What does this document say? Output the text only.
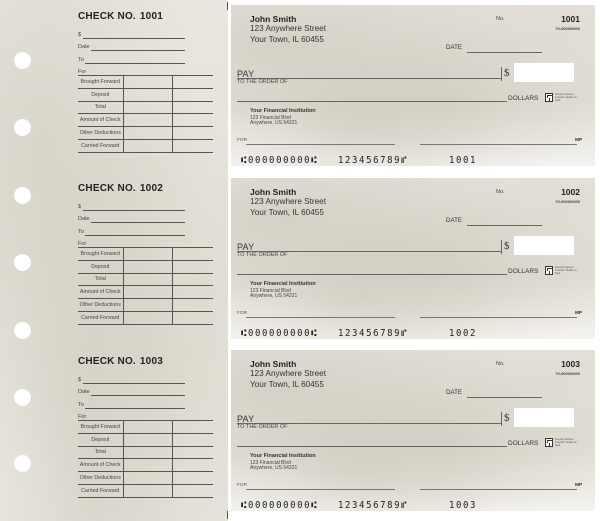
CHECK NO. 1001
$
Date
To
For
Brought Forward		
Deposit		
Total		
Amount of Check		
Other Deductions		
Carried Forward		
CHECK NO. 1002
$
Date
To
For
Brought Forward		
Deposit		
Total		
Amount of Check		
Other Deductions		
Carried Forward		
CHECK NO. 1003
$
Date
To
For
Brought Forward		
Deposit		
Total		
Amount of Check		
Other Deductions		
Carried Forward		
John Smith
123 Anywhere Street
Your Town, IL 60455
No.	1001
70-0000/0000
DATE
PAY
TO THE ORDER OF
$
DOLLARS
Security features included. Details on back.
Your Financial Institution
123 Financial Blvd
Anywhere, US 54321
FOR	MP
⑆000000000⑆ 123456789⑈	1001
John Smith
123 Anywhere Street
Your Town, IL 60455
No.	1002
70-0000/0000
DATE
PAY
TO THE ORDER OF
$
DOLLARS
Security features included. Details on back.
Your Financial Institution
123 Financial Blvd
Anywhere, US 54321
FOR	MP
⑆000000000⑆ 123456789⑈	1002
John Smith
123 Anywhere Street
Your Town, IL 60455
No.	1003
70-0000/0000
DATE
PAY
TO THE ORDER OF
$
DOLLARS
Security features included. Details on back.
Your Financial Institution
123 Financial Blvd
Anywhere, US 54321
FOR	MP
⑆000000000⑆ 123456789⑈	1003
